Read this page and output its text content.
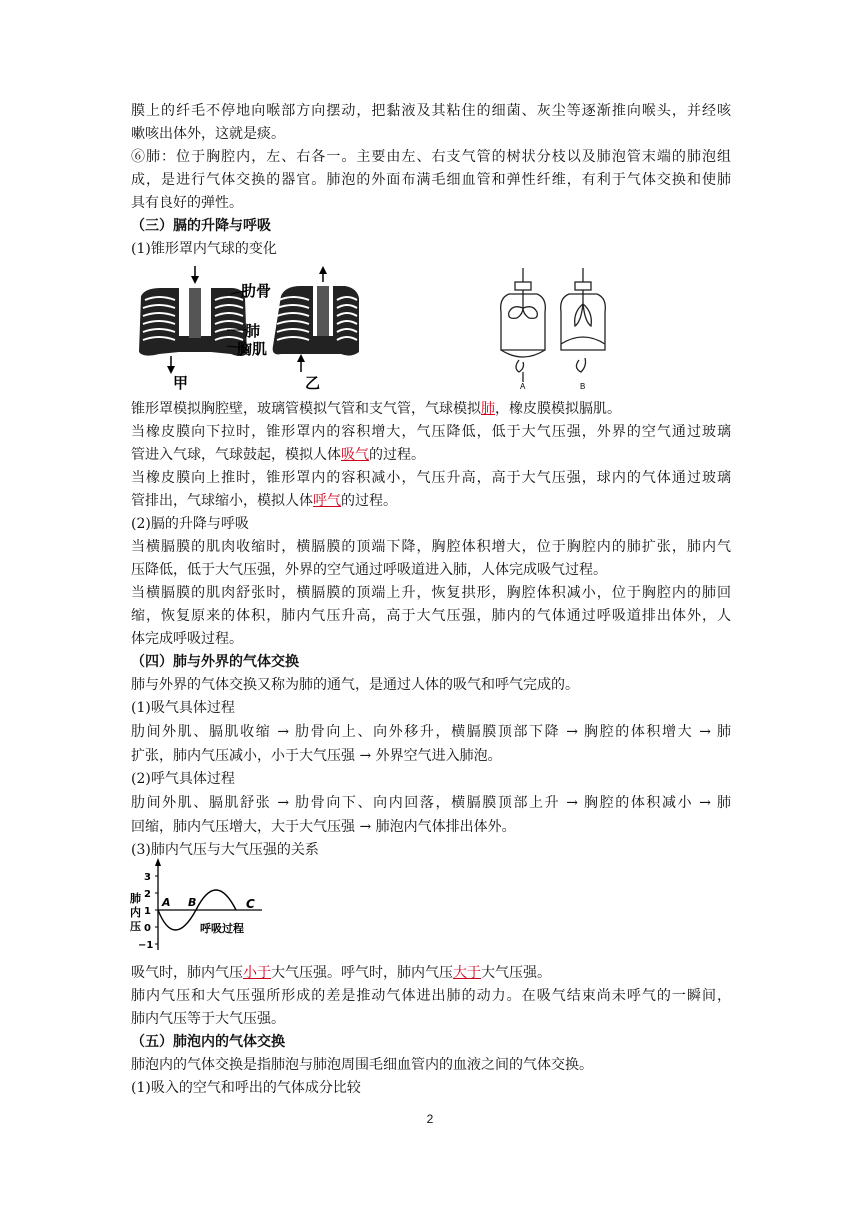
膜上的纤毛不停地向喉部方向摆动，把黏液及其粘住的细菌、灰尘等逐渐推向喉头，并经咳

嗽咳出体外，这就是痰。

⑥肺：位于胸腔内，左、右各一。主要由左、右支气管的树状分枝以及肺泡管末端的肺泡组

成，是进行气体交换的器官。肺泡的外面布满毛细血管和弹性纤维，有利于气体交换和使肺

具有良好的弹性。

（三）膈的升降与呼吸

(1)锥形罩内气球的变化

肋骨
肺
胸肌
甲	乙	A	B

锥形罩模拟胸腔壁，玻璃管模拟气管和支气管，气球模拟肺，橡皮膜模拟膈肌。

当橡皮膜向下拉时，锥形罩内的容积增大，气压降低，低于大气压强，外界的空气通过玻璃

管进入气球，气球鼓起，模拟人体吸气的过程。

当橡皮膜向上推时，锥形罩内的容积减小，气压升高，高于大气压强，球内的气体通过玻璃

管排出，气球缩小，模拟人体呼气的过程。

(2)膈的升降与呼吸

当横膈膜的肌肉收缩时，横膈膜的顶端下降，胸腔体积增大，位于胸腔内的肺扩张，肺内气

压降低，低于大气压强，外界的空气通过呼吸道进入肺，人体完成吸气过程。

当横膈膜的肌肉舒张时，横膈膜的顶端上升，恢复拱形，胸腔体积减小，位于胸腔内的肺回

缩，恢复原来的体积，肺内气压升高，高于大气压强，肺内的气体通过呼吸道排出体外，人

体完成呼吸过程。

（四）肺与外界的气体交换

肺与外界的气体交换又称为肺的通气，是通过人体的吸气和呼气完成的。

(1)吸气具体过程

肋间外肌、膈肌收缩 → 肋骨向上、向外移升，横膈膜顶部下降 → 胸腔的体积增大 → 肺

扩张，肺内气压减小，小于大气压强 → 外界空气进入肺泡。

(2)呼气具体过程

肋间外肌、膈肌舒张 → 肋骨向下、向内回落，横膈膜顶部上升 → 胸腔的体积减小 → 肺

回缩，肺内气压增大，大于大气压强 → 肺泡内气体排出体外。

(3)肺内气压与大气压强的关系

3
2
1
0
−1
肺
内
压
A B	C
呼吸过程

吸气时，肺内气压小于大气压强。呼气时，肺内气压大于大气压强。

肺内气压和大气压强所形成的差是推动气体进出肺的动力。在吸气结束尚未呼气的一瞬间，

肺内气压等于大气压强。

（五）肺泡内的气体交换

肺泡内的气体交换是指肺泡与肺泡周围毛细血管内的血液之间的气体交换。

(1)吸入的空气和呼出的气体成分比较

2
